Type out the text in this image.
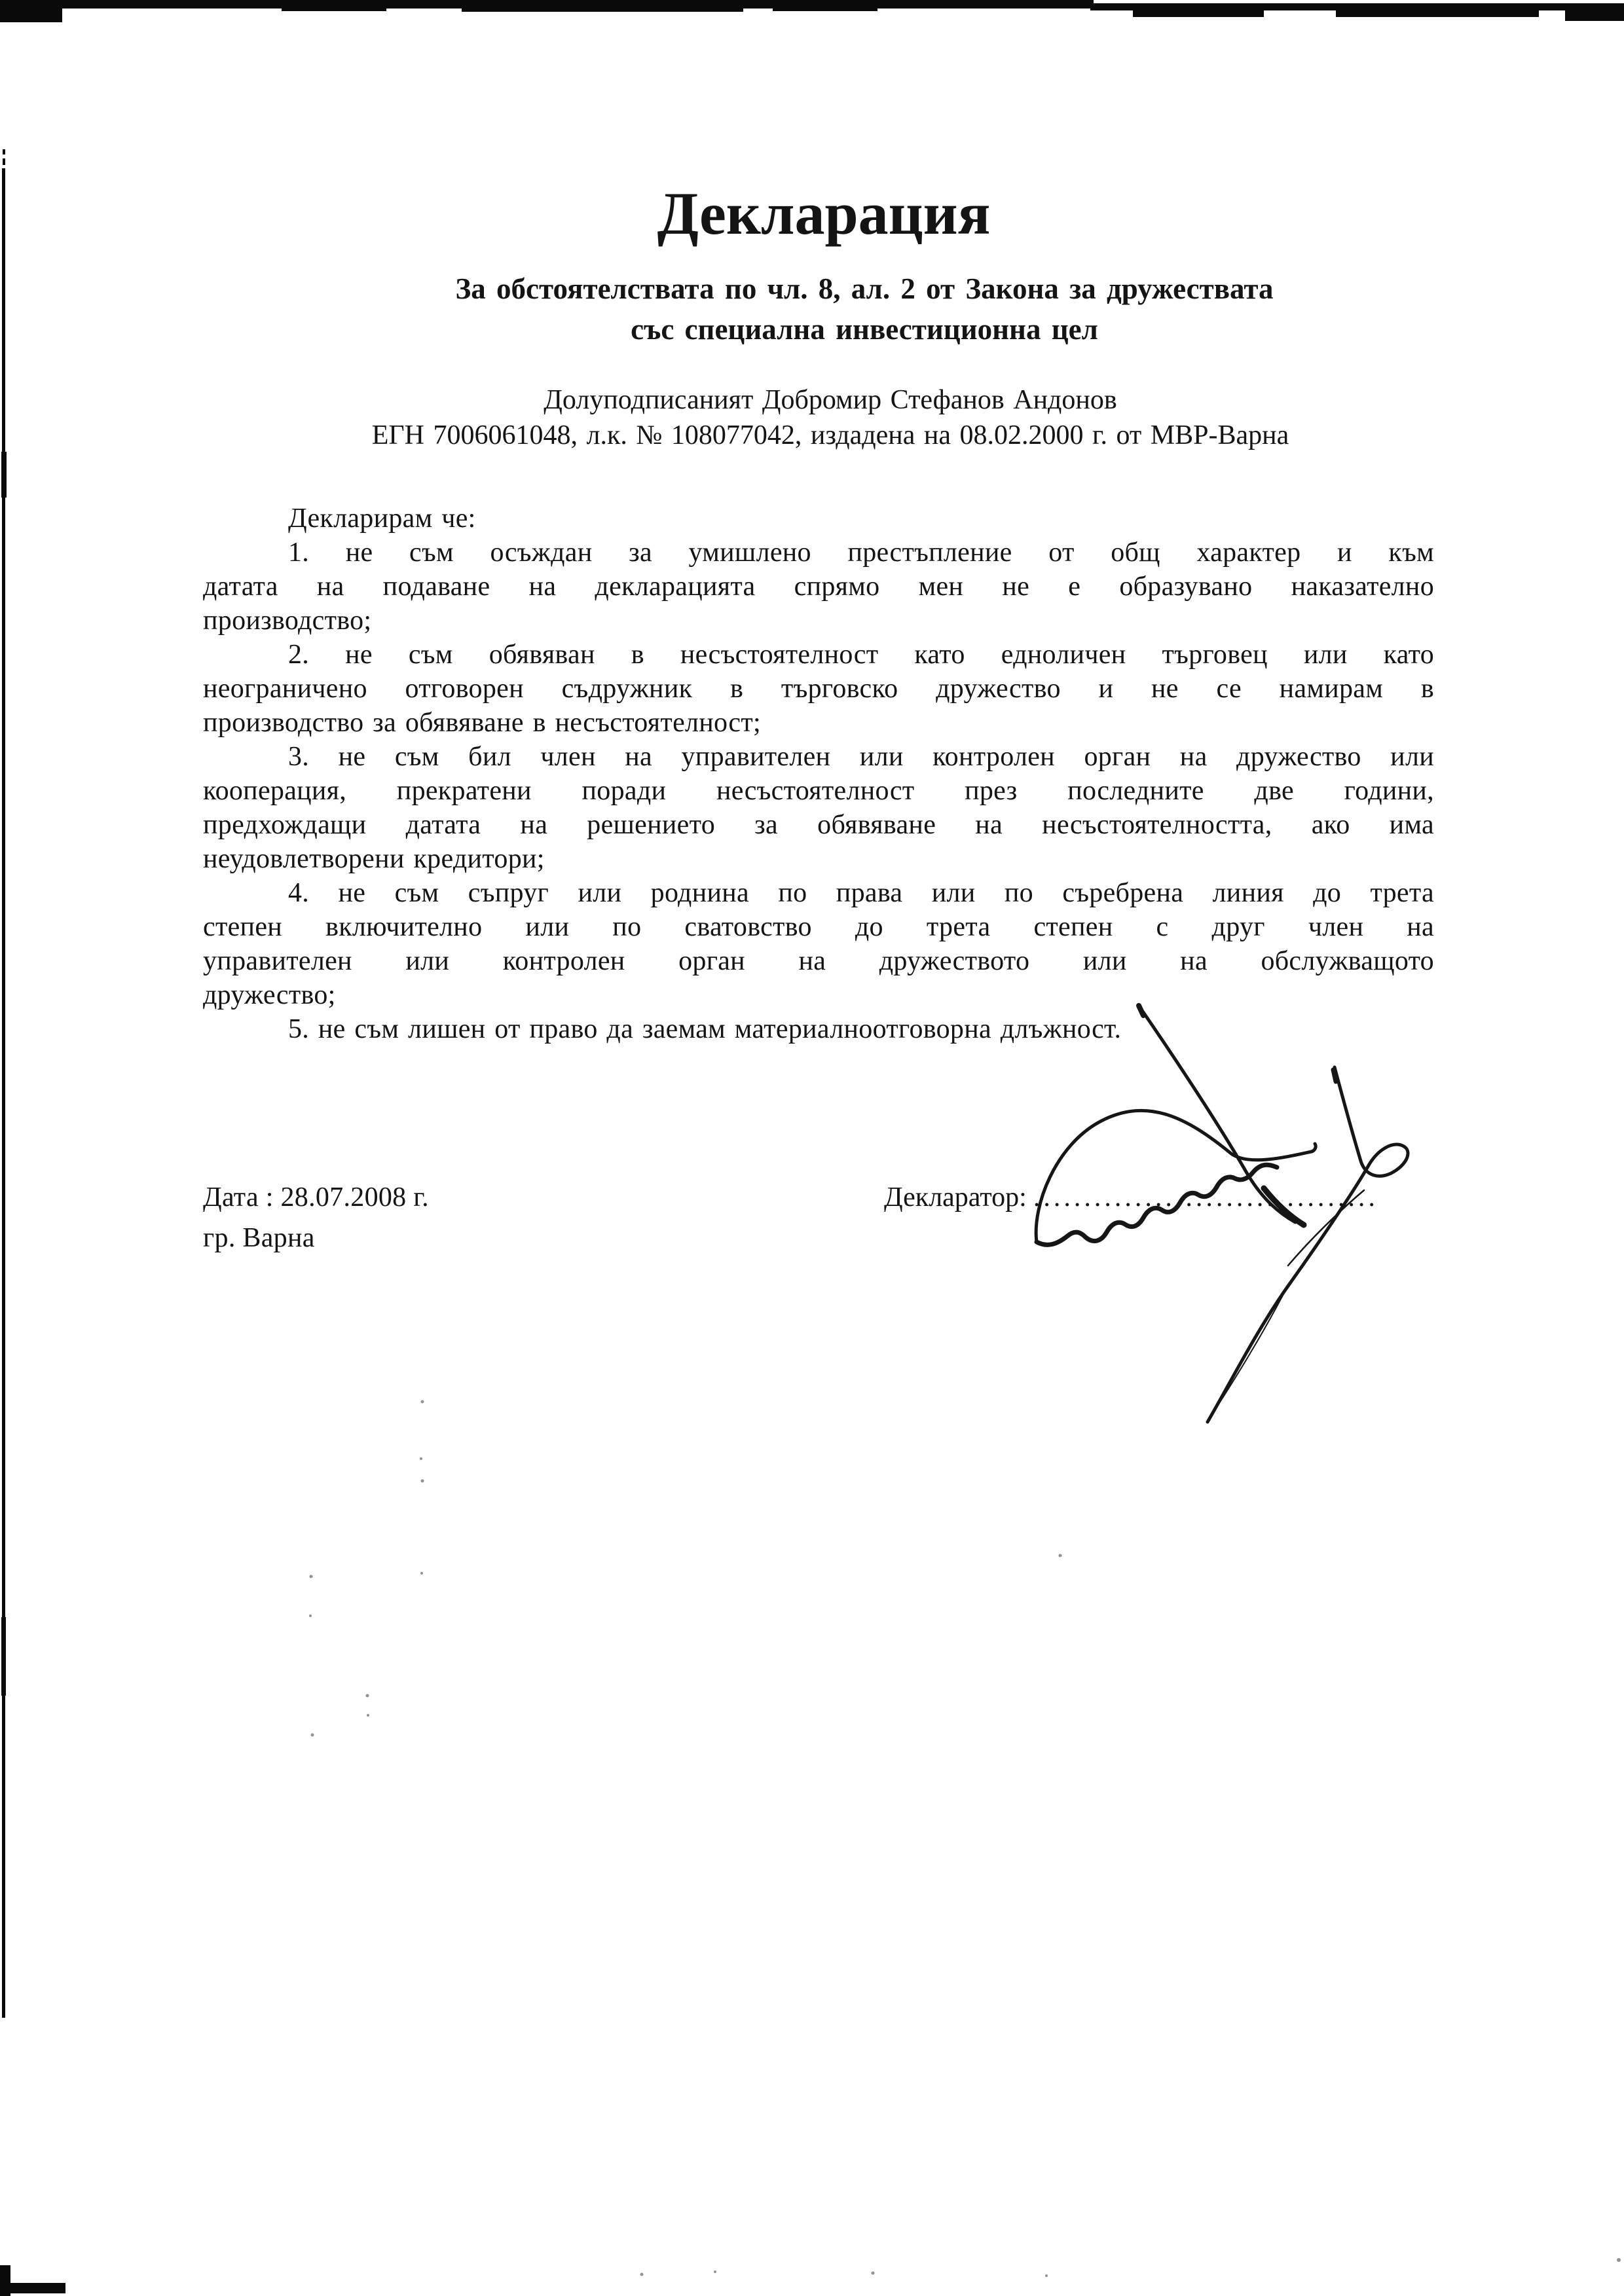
Декларация
За обстоятелствата по чл. 8, ал. 2 от Закона за дружествата
със специална инвестиционна цел
Долуподписаният Добромир Стефанов Андонов
ЕГН 7006061048, л.к. № 108077042, издадена на 08.02.2000 г. от МВР-Варна
Декларирам че:
1. не съм осъждан за умишлено престъпление от общ характер и към
датата на подаване на декларацията спрямо мен не е образувано наказателно
производство;
2. не съм обявяван в несъстоятелност като едноличен търговец или като
неограничено отговорен съдружник в търговско дружество и не се намирам в
производство за обявяване в несъстоятелност;
3. не съм бил член на управителен или контролен орган на дружество или
кооперация, прекратени поради несъстоятелност през последните две години,
предхождащи датата на решението за обявяване на несъстоятелността, ако има
неудовлетворени кредитори;
4. не съм съпруг или роднина по права или по съребрена линия до трета
степен включително или по сватовство до трета степен с друг член на
управителен или контролен орган на дружеството или на обслужващото
дружество;
5. не съм лишен от право да заемам материалноотговорна длъжност.
Дата : 28.07.2008 г.
гр. Варна
Декларатор: ..................................
